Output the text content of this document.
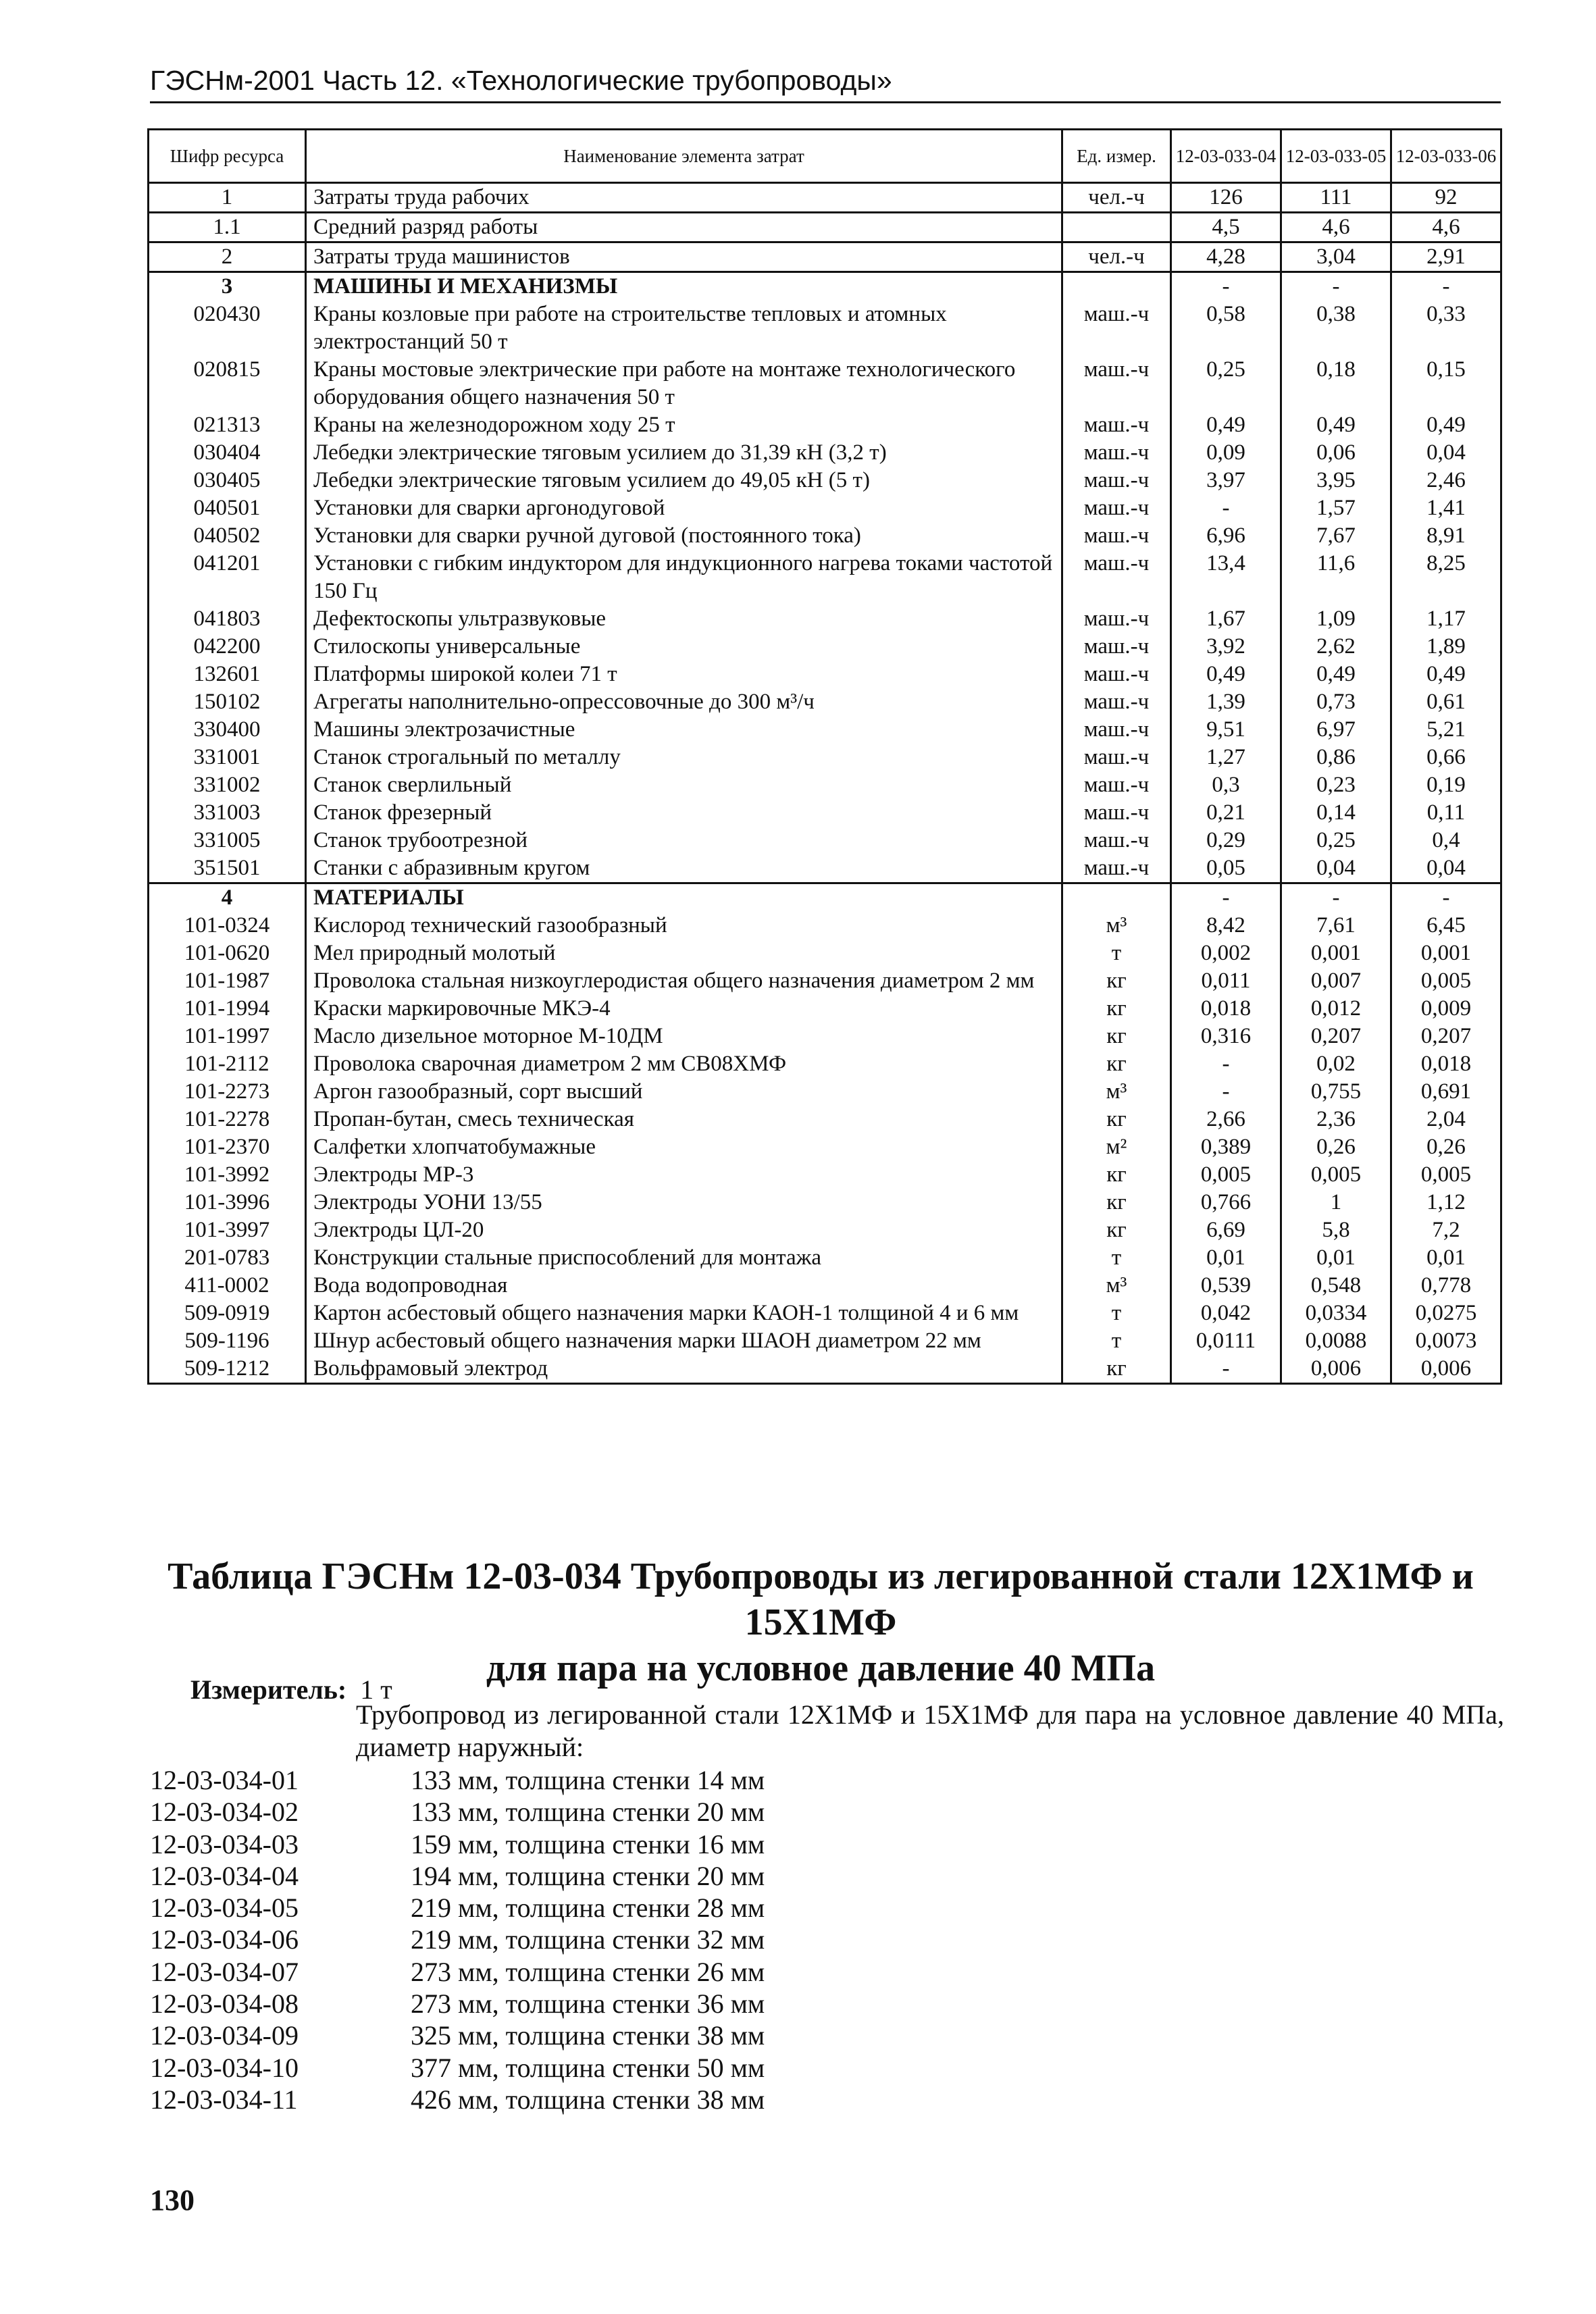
ГЭСНм-2001 Часть 12. «Технологические трубопроводы»
Шифр ресурса	Наименование элемента затрат	Ед. измер.	12-03-033-04	12-03-033-05	12-03-033-06
1	Затраты труда рабочих	чел.-ч	126	111	92
1.1	Средний разряд работы		4,5	4,6	4,6
2	Затраты труда машинистов	чел.-ч	4,28	3,04	2,91
3	МАШИНЫ И МЕХАНИЗМЫ		-	-	-
020430	Краны козловые при работе на строительстве тепловых и атомных электростанций 50 т	маш.-ч	0,58	0,38	0,33
020815	Краны мостовые электрические при работе на монтаже технологического оборудования общего назначения 50 т	маш.-ч	0,25	0,18	0,15
021313	Краны на железнодорожном ходу 25 т	маш.-ч	0,49	0,49	0,49
030404	Лебедки электрические тяговым усилием до 31,39 кН (3,2 т)	маш.-ч	0,09	0,06	0,04
030405	Лебедки электрические тяговым усилием до 49,05 кН (5 т)	маш.-ч	3,97	3,95	2,46
040501	Установки для сварки аргонодуговой	маш.-ч	-	1,57	1,41
040502	Установки для сварки ручной дуговой (постоянного тока)	маш.-ч	6,96	7,67	8,91
041201	Установки с гибким индуктором для индукционного нагрева токами частотой 150 Гц	маш.-ч	13,4	11,6	8,25
041803	Дефектоскопы ультразвуковые	маш.-ч	1,67	1,09	1,17
042200	Стилоскопы универсальные	маш.-ч	3,92	2,62	1,89
132601	Платформы широкой колеи 71 т	маш.-ч	0,49	0,49	0,49
150102	Агрегаты наполнительно-опрессовочные до 300 м³/ч	маш.-ч	1,39	0,73	0,61
330400	Машины электрозачистные	маш.-ч	9,51	6,97	5,21
331001	Станок строгальный по металлу	маш.-ч	1,27	0,86	0,66
331002	Станок сверлильный	маш.-ч	0,3	0,23	0,19
331003	Станок фрезерный	маш.-ч	0,21	0,14	0,11
331005	Станок трубоотрезной	маш.-ч	0,29	0,25	0,4
351501	Станки с абразивным кругом	маш.-ч	0,05	0,04	0,04
4	МАТЕРИАЛЫ		-	-	-
101-0324	Кислород технический газообразный	м³	8,42	7,61	6,45
101-0620	Мел природный молотый	т	0,002	0,001	0,001
101-1987	Проволока стальная низкоуглеродистая общего назначения диаметром 2 мм	кг	0,011	0,007	0,005
101-1994	Краски маркировочные МКЭ-4	кг	0,018	0,012	0,009
101-1997	Масло дизельное моторное М-10ДМ	кг	0,316	0,207	0,207
101-2112	Проволока сварочная диаметром 2 мм СВ08ХМФ	кг	-	0,02	0,018
101-2273	Аргон газообразный, сорт высший	м³	-	0,755	0,691
101-2278	Пропан-бутан, смесь техническая	кг	2,66	2,36	2,04
101-2370	Салфетки хлопчатобумажные	м²	0,389	0,26	0,26
101-3992	Электроды МР-3	кг	0,005	0,005	0,005
101-3996	Электроды УОНИ 13/55	кг	0,766	1	1,12
101-3997	Электроды ЦЛ-20	кг	6,69	5,8	7,2
201-0783	Конструкции стальные приспособлений для монтажа	т	0,01	0,01	0,01
411-0002	Вода водопроводная	м³	0,539	0,548	0,778
509-0919	Картон асбестовый общего назначения марки КАОН-1 толщиной 4 и 6 мм	т	0,042	0,0334	0,0275
509-1196	Шнур асбестовый общего назначения марки ШАОН диаметром 22 мм	т	0,0111	0,0088	0,0073
509-1212	Вольфрамовый электрод	кг	-	0,006	0,006
Таблица ГЭСНм 12-03-034 Трубопроводы из легированной стали 12Х1МФ и 15Х1МФ
для пара на условное давление 40 МПа
Измеритель: 1 т
Трубопровод из легированной стали 12Х1МФ и 15Х1МФ для пара на условное давление 40 МПа, диаметр наружный:
12-03-034-01	133 мм, толщина стенки 14 мм
12-03-034-02	133 мм, толщина стенки 20 мм
12-03-034-03	159 мм, толщина стенки 16 мм
12-03-034-04	194 мм, толщина стенки 20 мм
12-03-034-05	219 мм, толщина стенки 28 мм
12-03-034-06	219 мм, толщина стенки 32 мм
12-03-034-07	273 мм, толщина стенки 26 мм
12-03-034-08	273 мм, толщина стенки 36 мм
12-03-034-09	325 мм, толщина стенки 38 мм
12-03-034-10	377 мм, толщина стенки 50 мм
12-03-034-11	426 мм, толщина стенки 38 мм
130
